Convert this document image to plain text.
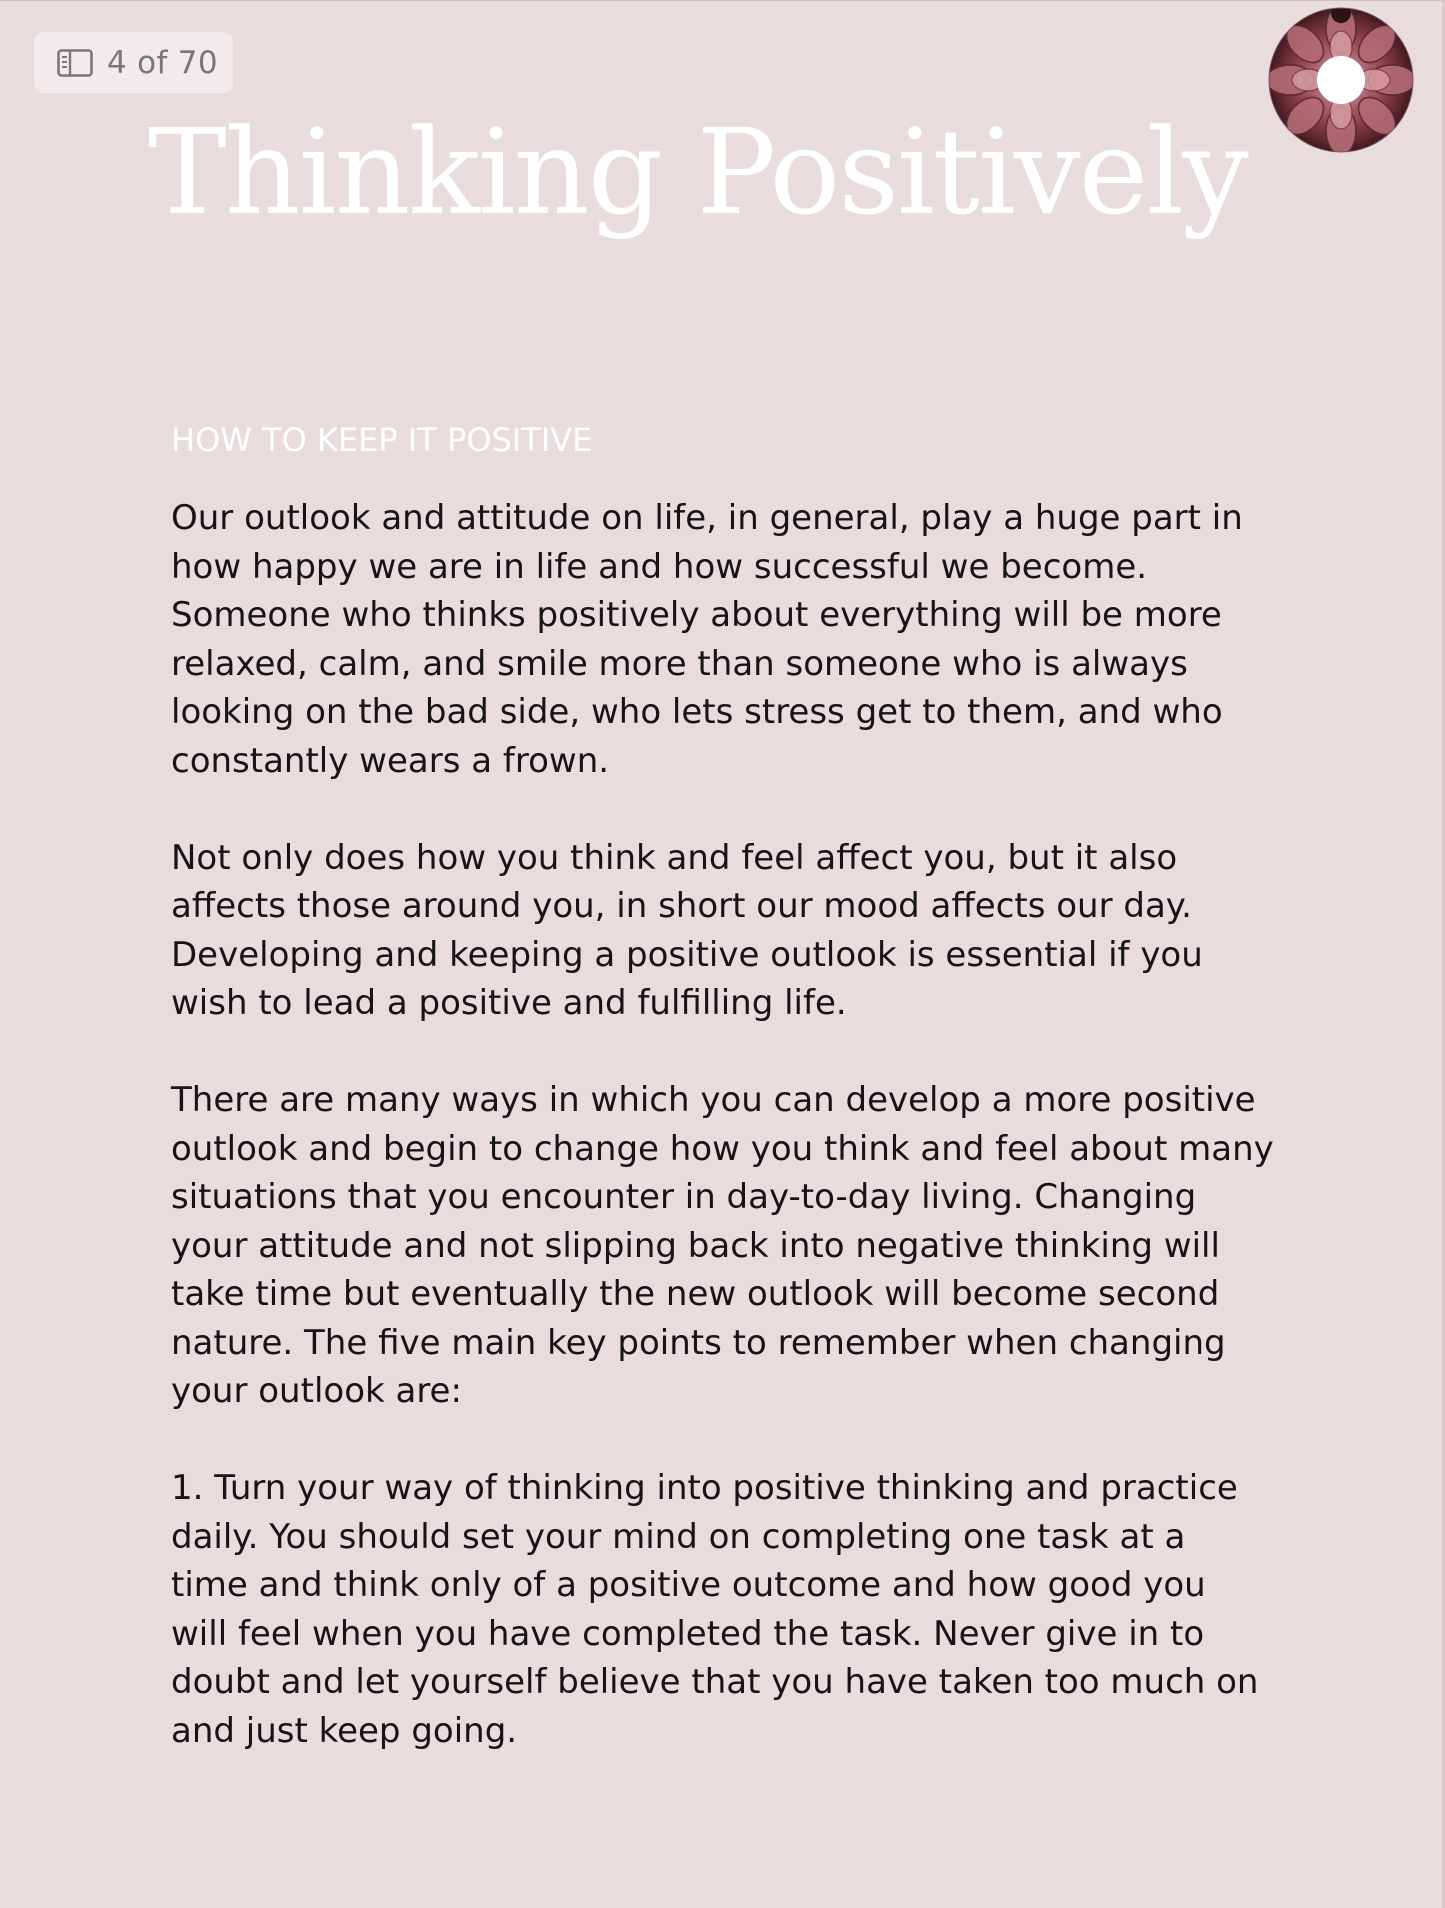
4 of 70
Thinking Positively
HOW TO KEEP IT POSITIVE

Our outlook and attitude on life, in general, play a huge part in
how happy we are in life and how successful we become.
Someone who thinks positively about everything will be more
relaxed, calm, and smile more than someone who is always
looking on the bad side, who lets stress get to them, and who
constantly wears a frown.

Not only does how you think and feel affect you, but it also
affects those around you, in short our mood affects our day.
Developing and keeping a positive outlook is essential if you
wish to lead a positive and fulfilling life.

There are many ways in which you can develop a more positive
outlook and begin to change how you think and feel about many
situations that you encounter in day-to-day living. Changing
your attitude and not slipping back into negative thinking will
take time but eventually the new outlook will become second
nature. The five main key points to remember when changing
your outlook are:

1. Turn your way of thinking into positive thinking and practice
daily. You should set your mind on completing one task at a
time and think only of a positive outcome and how good you
will feel when you have completed the task. Never give in to
doubt and let yourself believe that you have taken too much on
and just keep going.
